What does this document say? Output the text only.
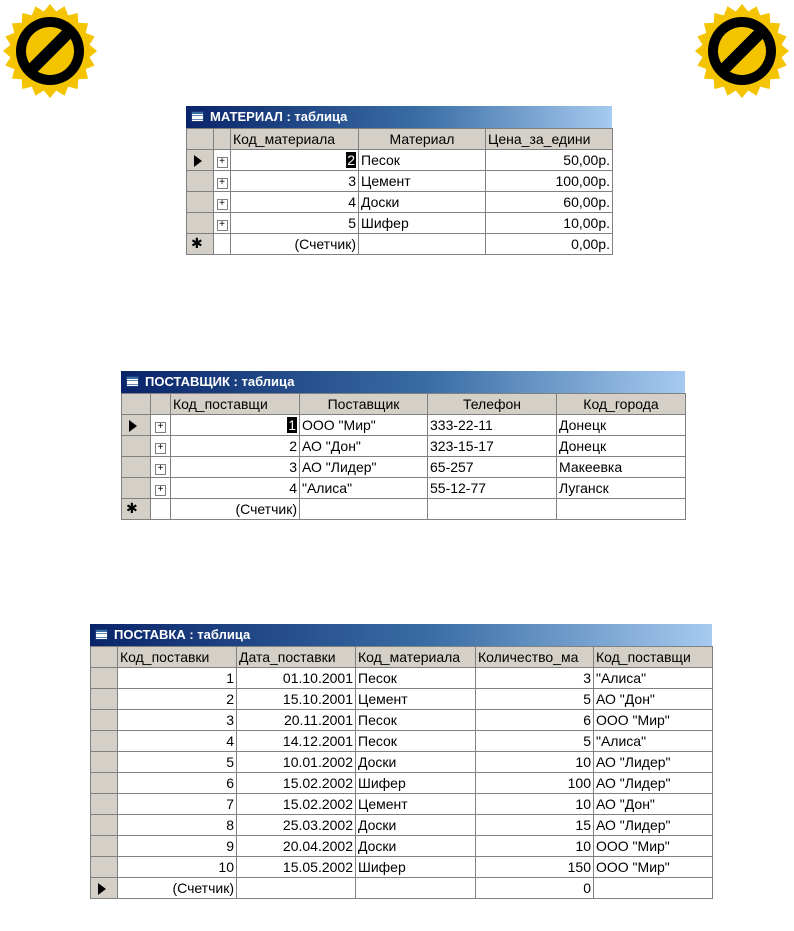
МАТЕРИАЛ : таблица
		Код_материала	Материал	Цена_за_едини
	+	2	Песок	50,00р.
	+	3	Цемент	100,00р.
	+	4	Доски	60,00р.
	+	5	Шифер	10,00р.
✱		(Счетчик)		0,00р.
ПОСТАВЩИК : таблица
		Код_поставщи	Поставщик	Телефон	Код_города
	+	1	ООО "Мир"	333-22-11	Донецк
	+	2	АО "Дон"	323-15-17	Донецк
	+	3	АО "Лидер"	65-257	Макеевка
	+	4	"Алиса"	55-12-77	Луганск
✱		(Счетчик)			
ПОСТАВКА : таблица
	Код_поставки	Дата_поставки	Код_материала	Количество_ма	Код_поставщи
	1	01.10.2001	Песок	3	"Алиса"
	2	15.10.2001	Цемент	5	АО "Дон"
	3	20.11.2001	Песок	6	ООО "Мир"
	4	14.12.2001	Песок	5	"Алиса"
	5	10.01.2002	Доски	10	АО "Лидер"
	6	15.02.2002	Шифер	100	АО "Лидер"
	7	15.02.2002	Цемент	10	АО "Дон"
	8	25.03.2002	Доски	15	АО "Лидер"
	9	20.04.2002	Доски	10	ООО "Мир"
	10	15.05.2002	Шифер	150	ООО "Мир"
	(Счетчик)			0	
